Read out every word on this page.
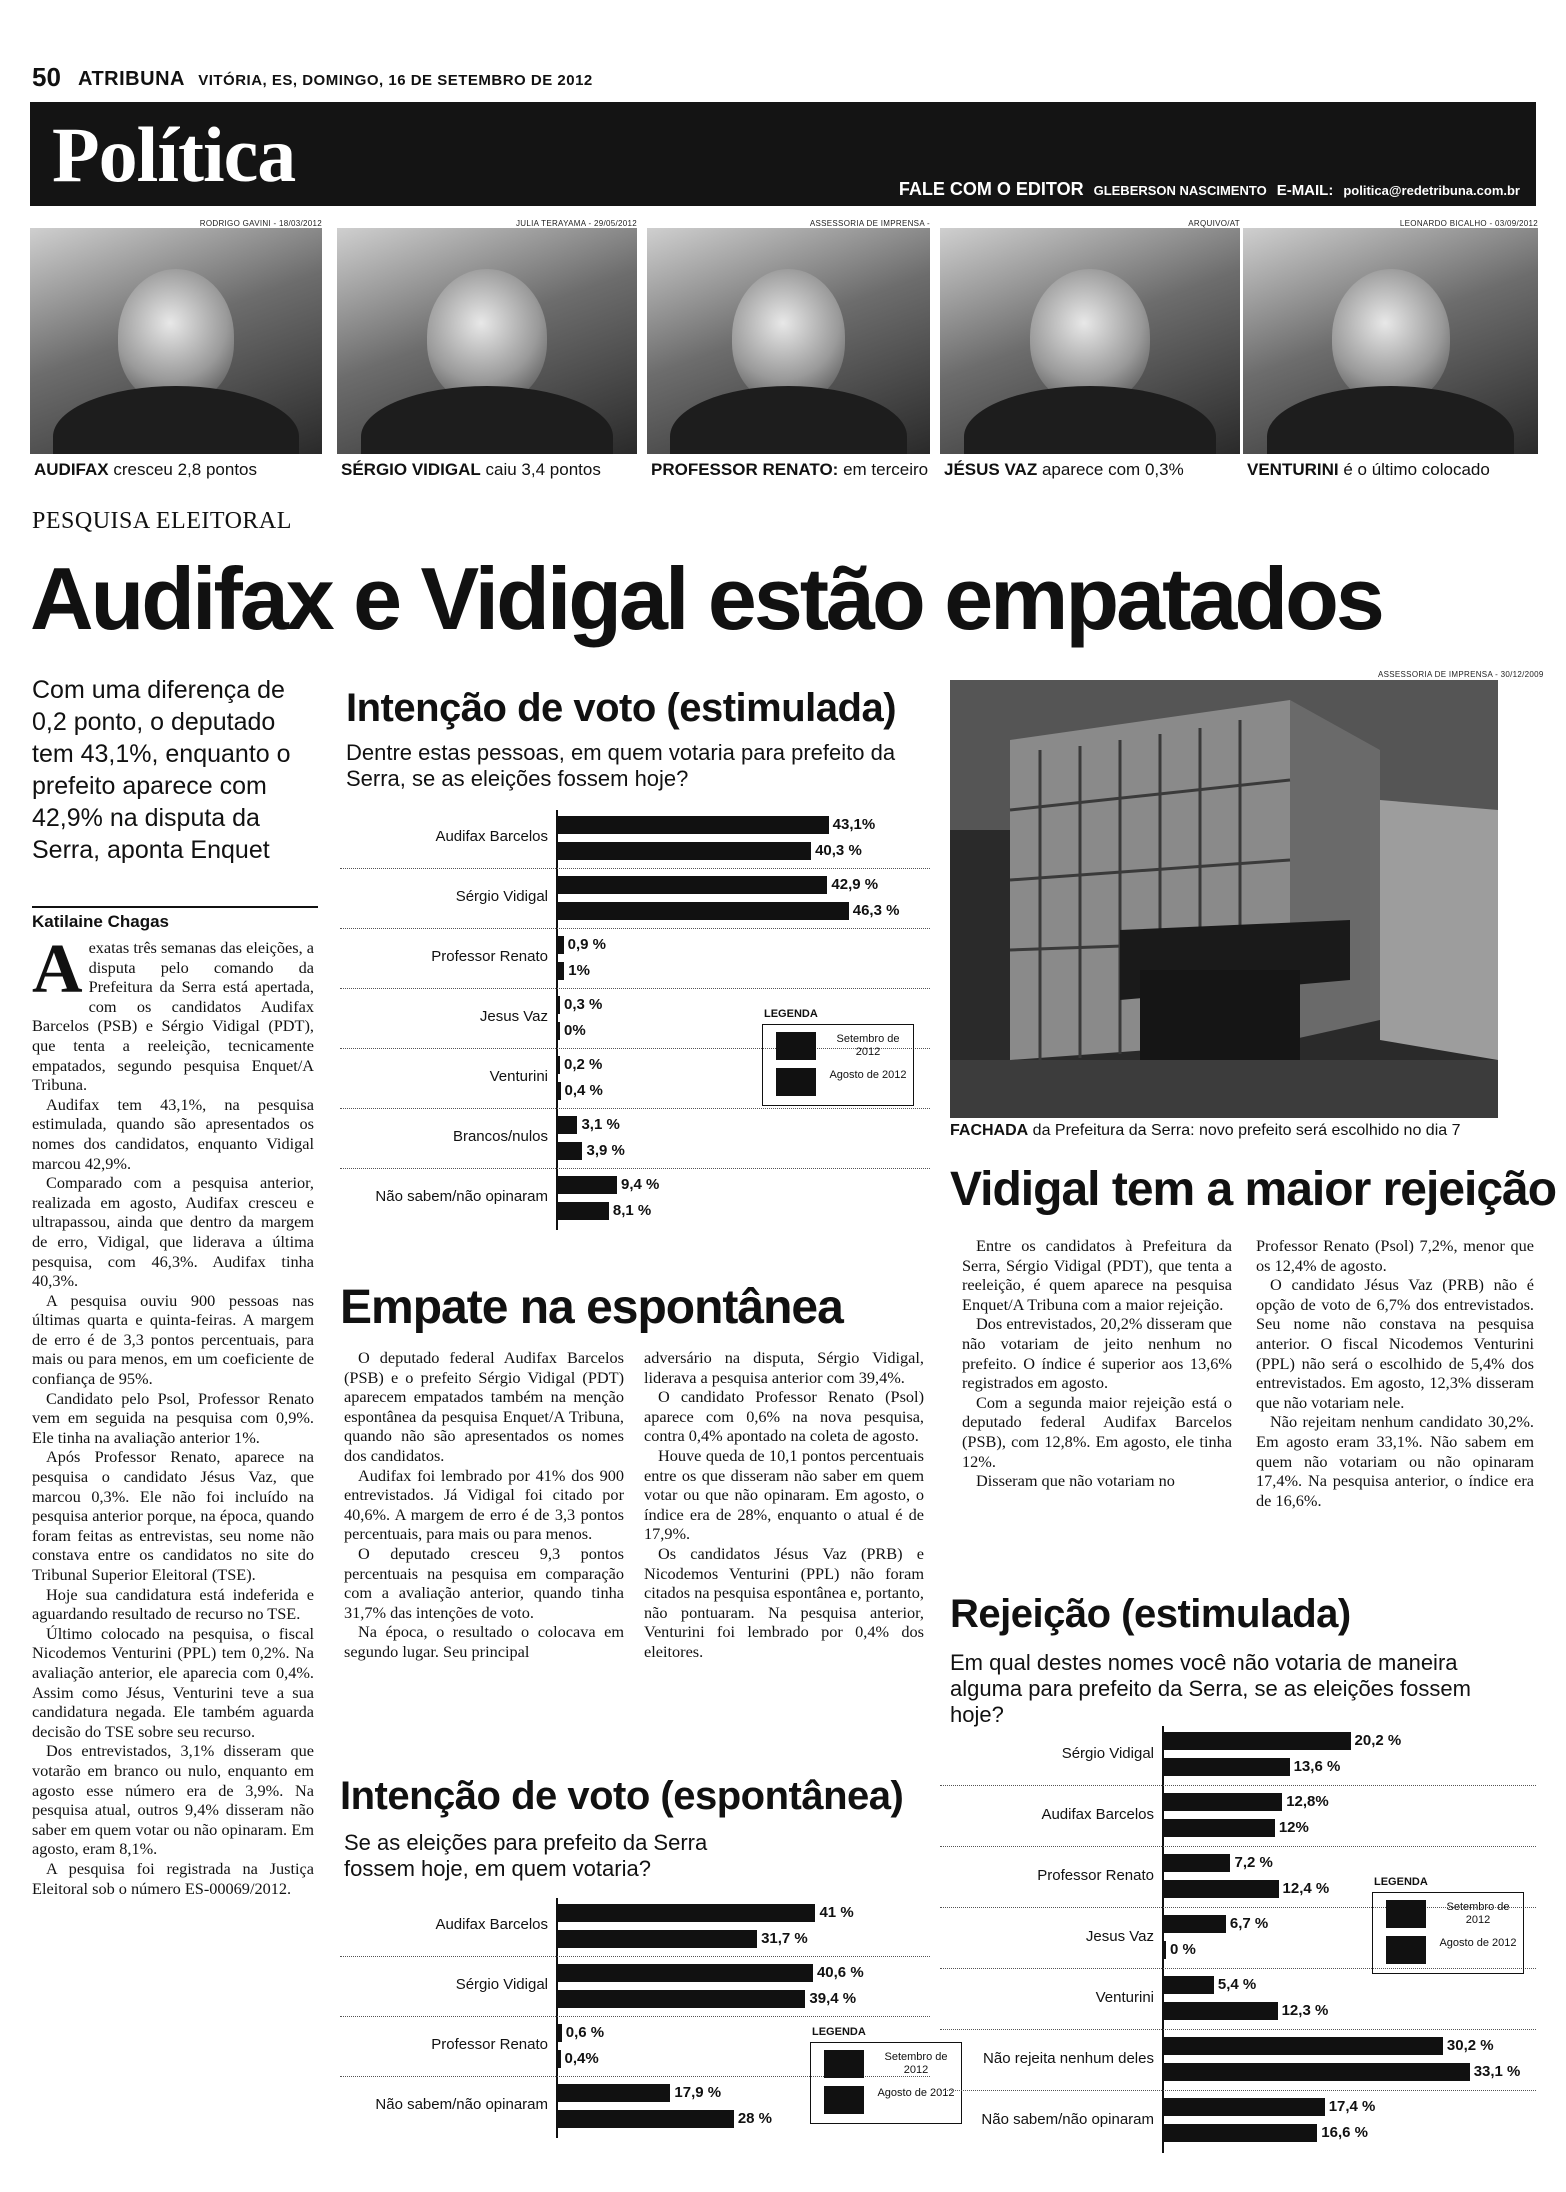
50 ATRIBUNA VITÓRIA, ES, DOMINGO, 16 DE SETEMBRO DE 2012
Política	FALE COM O EDITOR GLEBERSON NASCIMENTO E-MAIL: politica@redetribuna.com.br
RODRIGO GAVINI - 18/03/2012
AUDIFAX cresceu 2,8 pontos
JULIA TERAYAMA - 29/05/2012
SÉRGIO VIDIGAL caiu 3,4 pontos
ASSESSORIA DE IMPRENSA -
PROFESSOR RENATO: em terceiro
ARQUIVO/AT
JÉSUS VAZ aparece com 0,3%
LEONARDO BICALHO - 03/09/2012
VENTURINI é o último colocado
PESQUISA ELEITORAL
Audifax e Vidigal estão empatados
Com uma diferença de 0,2 ponto, o deputado tem 43,1%, enquanto o prefeito aparece com 42,9% na disputa da Serra, aponta Enquet
Katilaine Chagas
A exatas três semanas das eleições, a disputa pelo comando da Prefeitura da Serra está apertada, com os candidatos Audifax Barcelos (PSB) e Sérgio Vidigal (PDT), que tenta a reeleição, tecnicamente empatados, segundo pesquisa Enquet/A Tribuna.

Audifax tem 43,1%, na pesquisa estimulada, quando são apresentados os nomes dos candidatos, enquanto Vidigal marcou 42,9%.

Comparado com a pesquisa anterior, realizada em agosto, Audifax cresceu e ultrapassou, ainda que dentro da margem de erro, Vidigal, que liderava a última pesquisa, com 46,3%. Audifax tinha 40,3%.

A pesquisa ouviu 900 pessoas nas últimas quarta e quinta-feiras. A margem de erro é de 3,3 pontos percentuais, para mais ou para menos, em um coeficiente de confiança de 95%.

Candidato pelo Psol, Professor Renato vem em seguida na pesquisa com 0,9%. Ele tinha na avaliação anterior 1%.

Após Professor Renato, aparece na pesquisa o candidato Jésus Vaz, que marcou 0,3%. Ele não foi incluído na pesquisa anterior porque, na época, quando foram feitas as entrevistas, seu nome não constava entre os candidatos no site do Tribunal Superior Eleitoral (TSE).

Hoje sua candidatura está indeferida e aguardando resultado de recurso no TSE.

Último colocado na pesquisa, o fiscal Nicodemos Venturini (PPL) tem 0,2%. Na avaliação anterior, ele aparecia com 0,4%. Assim como Jésus, Venturini teve a sua candidatura negada. Ele também aguarda decisão do TSE sobre seu recurso.

Dos entrevistados, 3,1% disseram que votarão em branco ou nulo, enquanto em agosto esse número era de 3,9%. Na pesquisa atual, outros 9,4% disseram não saber em quem votar ou não opinaram. Em agosto, eram 8,1%.

A pesquisa foi registrada na Justiça Eleitoral sob o número ES-00069/2012.

Intenção de voto (estimulada)
Dentre estas pessoas, em quem votaria para prefeito da Serra, se as eleições fossem hoje?
Audifax Barcelos
43,1%
40,3 %
Sérgio Vidigal
42,9 %
46,3 %
Professor Renato
0,9 %
1%
Jesus Vaz
0,3 %
0%
Venturini
0,2 %
0,4 %
Brancos/nulos
3,1 %
3,9 %
Não sabem/não opinaram
9,4 %
8,1 %
LEGENDA
Setembro de 2012
Agosto de 2012
Empate na espontânea

O deputado federal Audifax Barcelos (PSB) e o prefeito Sérgio Vidigal (PDT) aparecem empatados também na menção espontânea da pesquisa Enquet/A Tribuna, quando não são apresentados os nomes dos candidatos.

Audifax foi lembrado por 41% dos 900 entrevistados. Já Vidigal foi citado por 40,6%. A margem de erro é de 3,3 pontos percentuais, para mais ou para menos.

O deputado cresceu 9,3 pontos percentuais na pesquisa em comparação com a avaliação anterior, quando tinha 31,7% das intenções de voto.

Na época, o resultado o colocava em segundo lugar. Seu principal

adversário na disputa, Sérgio Vidigal, liderava a pesquisa anterior com 39,4%.

O candidato Professor Renato (Psol) aparece com 0,6% na nova pesquisa, contra 0,4% apontado na coleta de agosto.

Houve queda de 10,1 pontos percentuais entre os que disseram não saber em quem votar ou que não opinaram. Em agosto, o índice era de 28%, enquanto o atual é de 17,9%.

Os candidatos Jésus Vaz (PRB) e Nicodemos Venturini (PPL) não foram citados na pesquisa espontânea e, portanto, não pontuaram. Na pesquisa anterior, Venturini foi lembrado por 0,4% dos eleitores.

Intenção de voto (espontânea)
Se as eleições para prefeito da Serra fossem hoje, em quem votaria?
Audifax Barcelos
41 %
31,7 %
Sérgio Vidigal
40,6 %
39,4 %
Professor Renato
0,6 %
0,4%
Não sabem/não opinaram
17,9 %
28 %
LEGENDA
Setembro de 2012
Agosto de 2012
ASSESSORIA DE IMPRENSA - 30/12/2009
FACHADA da Prefeitura da Serra: novo prefeito será escolhido no dia 7
Vidigal tem a maior rejeição

Entre os candidatos à Prefeitura da Serra, Sérgio Vidigal (PDT), que tenta a reeleição, é quem aparece na pesquisa Enquet/A Tribuna com a maior rejeição.

Dos entrevistados, 20,2% disseram que não votariam de jeito nenhum no prefeito. O índice é superior aos 13,6% registrados em agosto.

Com a segunda maior rejeição está o deputado federal Audifax Barcelos (PSB), com 12,8%. Em agosto, ele tinha 12%.

Disseram que não votariam no

Professor Renato (Psol) 7,2%, menor que os 12,4% de agosto.

O candidato Jésus Vaz (PRB) não é opção de voto de 6,7% dos entrevistados. Seu nome não constava na pesquisa anterior. O fiscal Nicodemos Venturini (PPL) não será o escolhido de 5,4% dos entrevistados. Em agosto, 12,3% disseram que não votariam nele.

Não rejeitam nenhum candidato 30,2%. Em agosto eram 33,1%. Não sabem em quem não votariam ou não opinaram 17,4%. Na pesquisa anterior, o índice era de 16,6%.

Rejeição (estimulada)
Em qual destes nomes você não votaria de maneira alguma para prefeito da Serra, se as eleições fossem hoje?
Sérgio Vidigal
20,2 %
13,6 %
Audifax Barcelos
12,8%
12%
Professor Renato
7,2 %
12,4 %
Jesus Vaz
6,7 %
0 %
Venturini
5,4 %
12,3 %
Não rejeita nenhum deles
30,2 %
33,1 %
Não sabem/não opinaram
17,4 %
16,6 %
LEGENDA
Setembro de 2012
Agosto de 2012
